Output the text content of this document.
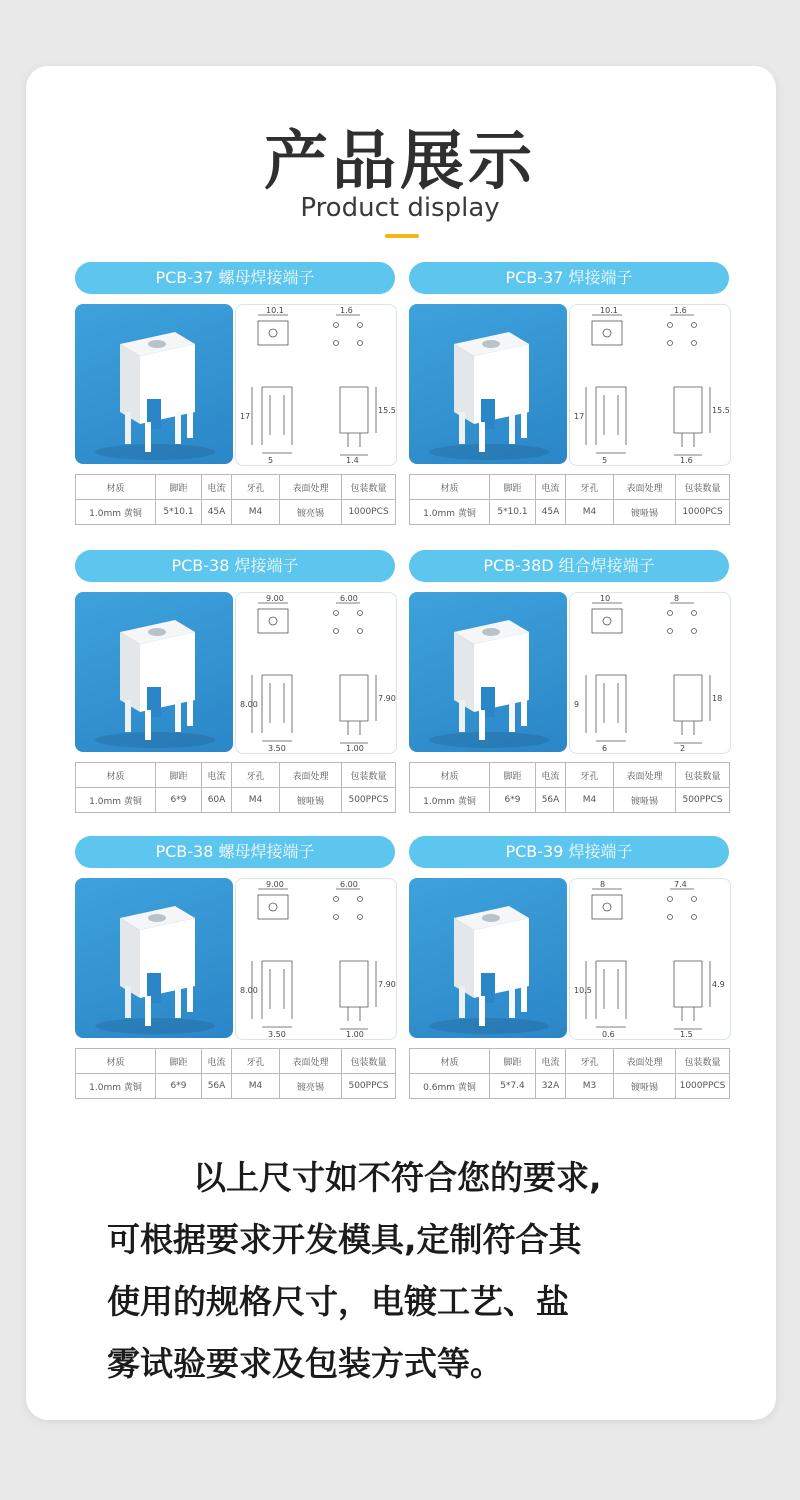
产品展示
Product display
PCB-37 螺母焊接端子
10.1	1.6
17
15.5
5	1.4
材质	脚距	电流	牙孔	表面处理	包装数量
1.0mm 黄铜	5*10.1	45A	M4	镀亮锡	1000PCS
PCB-37 焊接端子
10.1	1.6
17
15.5
5	1.6
材质	脚距	电流	牙孔	表面处理	包装数量
1.0mm 黄铜	5*10.1	45A	M4	镀哑锡	1000PCS
PCB-38 焊接端子
9.00	6.00
8.00
7.90
3.50	1.00
材质	脚距	电流	牙孔	表面处理	包装数量
1.0mm 黄铜	6*9	60A	M4	镀哑锡	500PPCS
PCB-38D 组合焊接端子
10	8
9
18
6	2
材质	脚距	电流	牙孔	表面处理	包装数量
1.0mm 黄铜	6*9	56A	M4	镀哑锡	500PPCS
PCB-38 螺母焊接端子
9.00	6.00
8.00
7.90
3.50	1.00
材质	脚距	电流	牙孔	表面处理	包装数量
1.0mm 黄铜	6*9	56A	M4	镀亮锡	500PPCS
PCB-39 焊接端子
8	7.4
10.5
4.9
0.6	1.5
材质	脚距	电流	牙孔	表面处理	包装数量
0.6mm 黄铜	5*7.4	32A	M3	镀哑锡	1000PPCS
以上尺寸如不符合您的要求,
可根据要求开发模具,定制符合其
使用的规格尺寸，电镀工艺、盐
雾试验要求及包装方式等。
